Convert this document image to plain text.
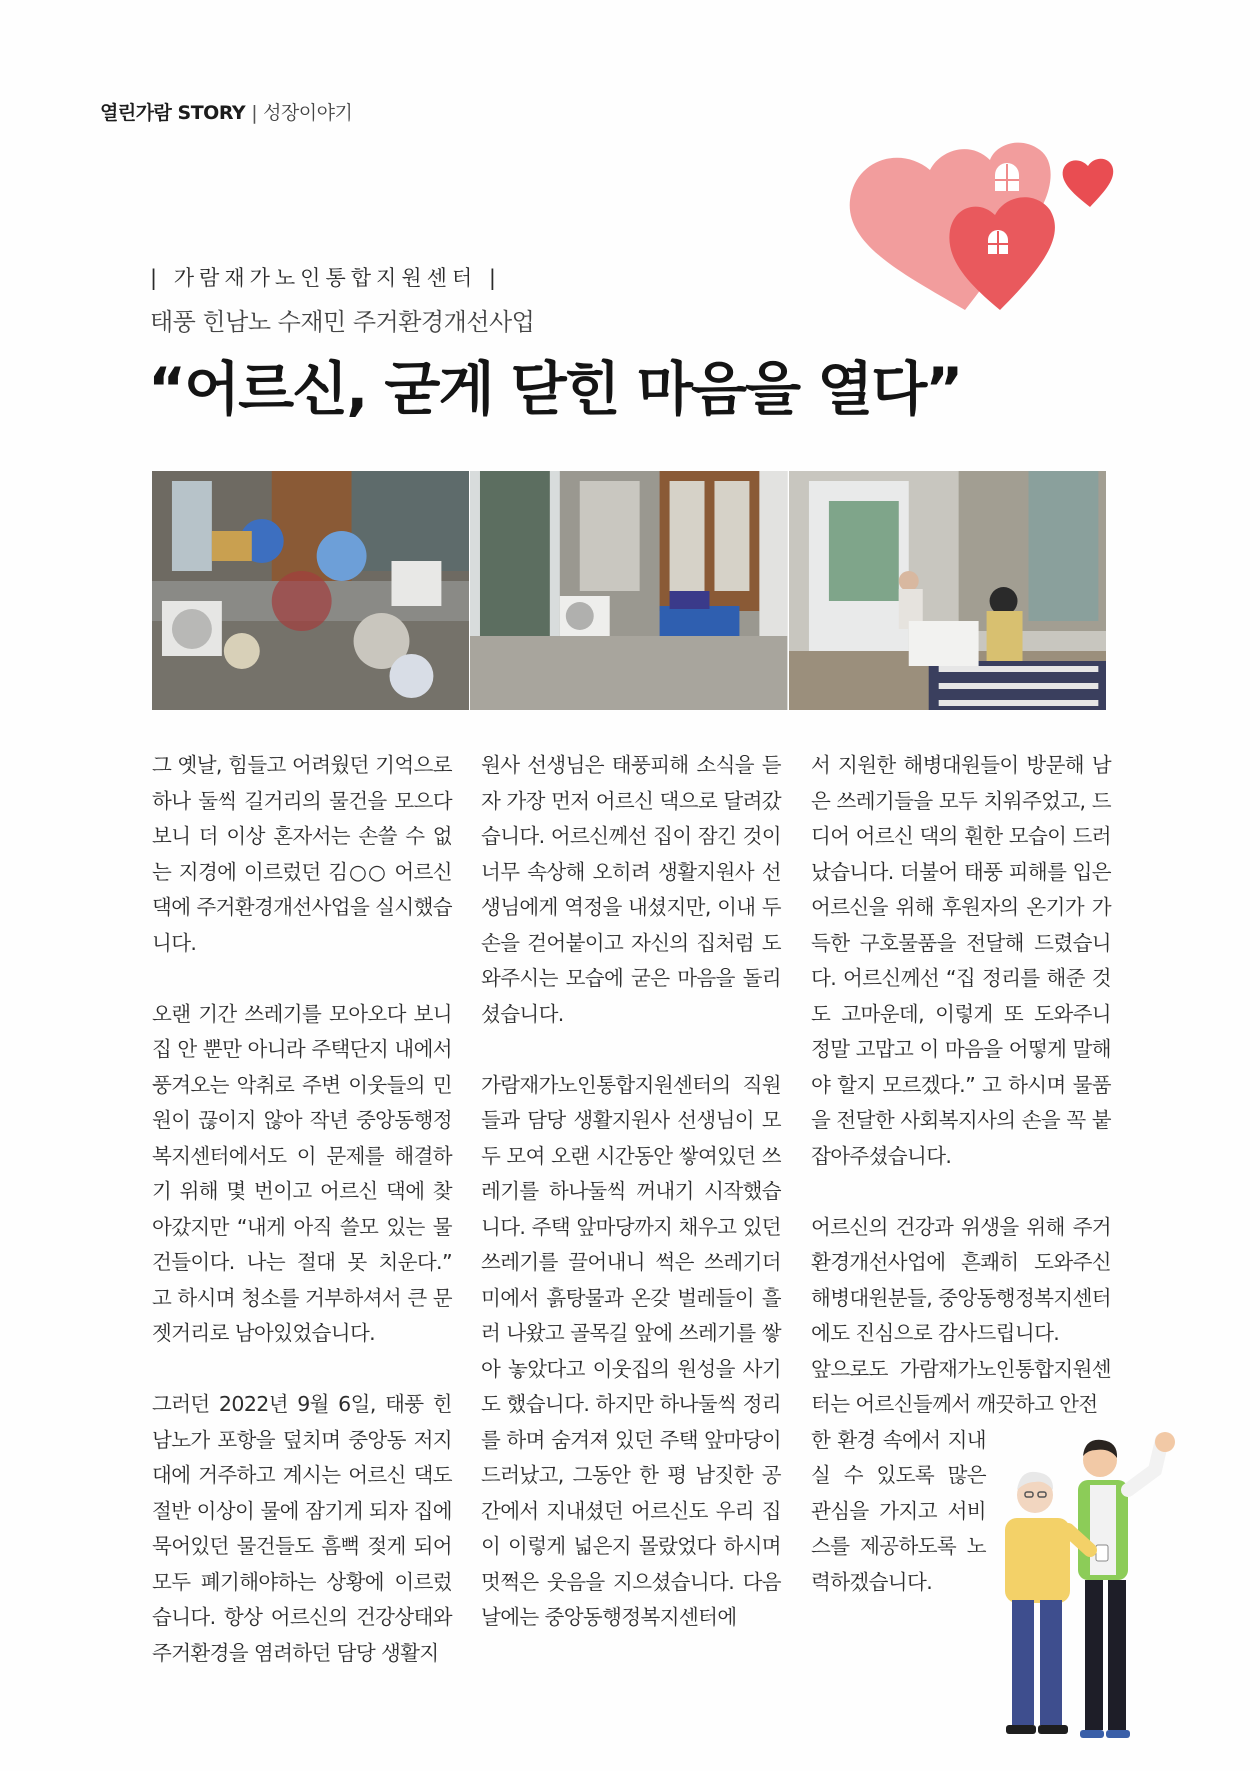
열린가람 STORY | 성장이야기
| 가람재가노인통합지원센터 |
태풍 힌남노 수재민 주거환경개선사업
“어르신, 굳게 닫힌 마음을 열다”

그 옛날, 힘들고 어려웠던 기억으로 하나 둘씩 길거리의 물건을 모으다보니 더 이상 혼자서는 손쓸 수 없는 지경에 이르렀던 김○○ 어르신 댁에 주거환경개선사업을 실시했습니다.

오랜 기간 쓰레기를 모아오다 보니 집 안 뿐만 아니라 주택단지 내에서 풍겨오는 악취로 주변 이웃들의 민원이 끊이지 않아 작년 중앙동행정복지센터에서도 이 문제를 해결하기 위해 몇 번이고 어르신 댁에 찾아갔지만 “내게 아직 쓸모 있는 물건들이다. 나는 절대 못 치운다.” 고 하시며 청소를 거부하셔서 큰 문젯거리로 남아있었습니다.

그러던 2022년 9월 6일, 태풍 힌남노가 포항을 덮치며 중앙동 저지대에 거주하고 계시는 어르신 댁도 절반 이상이 물에 잠기게 되자 집에 묵어있던 물건들도 흠뻑 젖게 되어 모두 폐기해야하는 상황에 이르렀습니다. 항상 어르신의 건강상태와 주거환경을 염려하던 담당 생활지

원사 선생님은 태풍피해 소식을 듣자 가장 먼저 어르신 댁으로 달려갔습니다. 어르신께선 집이 잠긴 것이 너무 속상해 오히려 생활지원사 선생님에게 역정을 내셨지만, 이내 두 손을 걷어붙이고 자신의 집처럼 도와주시는 모습에 굳은 마음을 돌리셨습니다.

가람재가노인통합지원센터의 직원들과 담당 생활지원사 선생님이 모두 모여 오랜 시간동안 쌓여있던 쓰레기를 하나둘씩 꺼내기 시작했습니다. 주택 앞마당까지 채우고 있던 쓰레기를 끌어내니 썩은 쓰레기더미에서 흙탕물과 온갖 벌레들이 흘러 나왔고 골목길 앞에 쓰레기를 쌓아 놓았다고 이웃집의 원성을 사기도 했습니다. 하지만 하나둘씩 정리를 하며 숨겨져 있던 주택 앞마당이 드러났고, 그동안 한 평 남짓한 공간에서 지내셨던 어르신도 우리 집이 이렇게 넓은지 몰랐었다 하시며 멋쩍은 웃음을 지으셨습니다. 다음날에는 중앙동행정복지센터에

서 지원한 해병대원들이 방문해 남은 쓰레기들을 모두 치워주었고, 드디어 어르신 댁의 훤한 모습이 드러났습니다. 더불어 태풍 피해를 입은 어르신을 위해 후원자의 온기가 가득한 구호물품을 전달해 드렸습니다. 어르신께선 “집 정리를 해준 것도 고마운데, 이렇게 또 도와주니 정말 고맙고 이 마음을 어떻게 말해야 할지 모르겠다.” 고 하시며 물품을 전달한 사회복지사의 손을 꼭 붙잡아주셨습니다.

어르신의 건강과 위생을 위해 주거환경개선사업에 흔쾌히 도와주신 해병대원분들, 중앙동행정복지센터에도 진심으로 감사드립니다.

앞으로도 가람재가노인통합지원센터는 어르신들께서 깨끗하고 안전

한 환경 속에서 지내실 수 있도록 많은 관심을 가지고 서비스를 제공하도록 노력하겠습니다.
